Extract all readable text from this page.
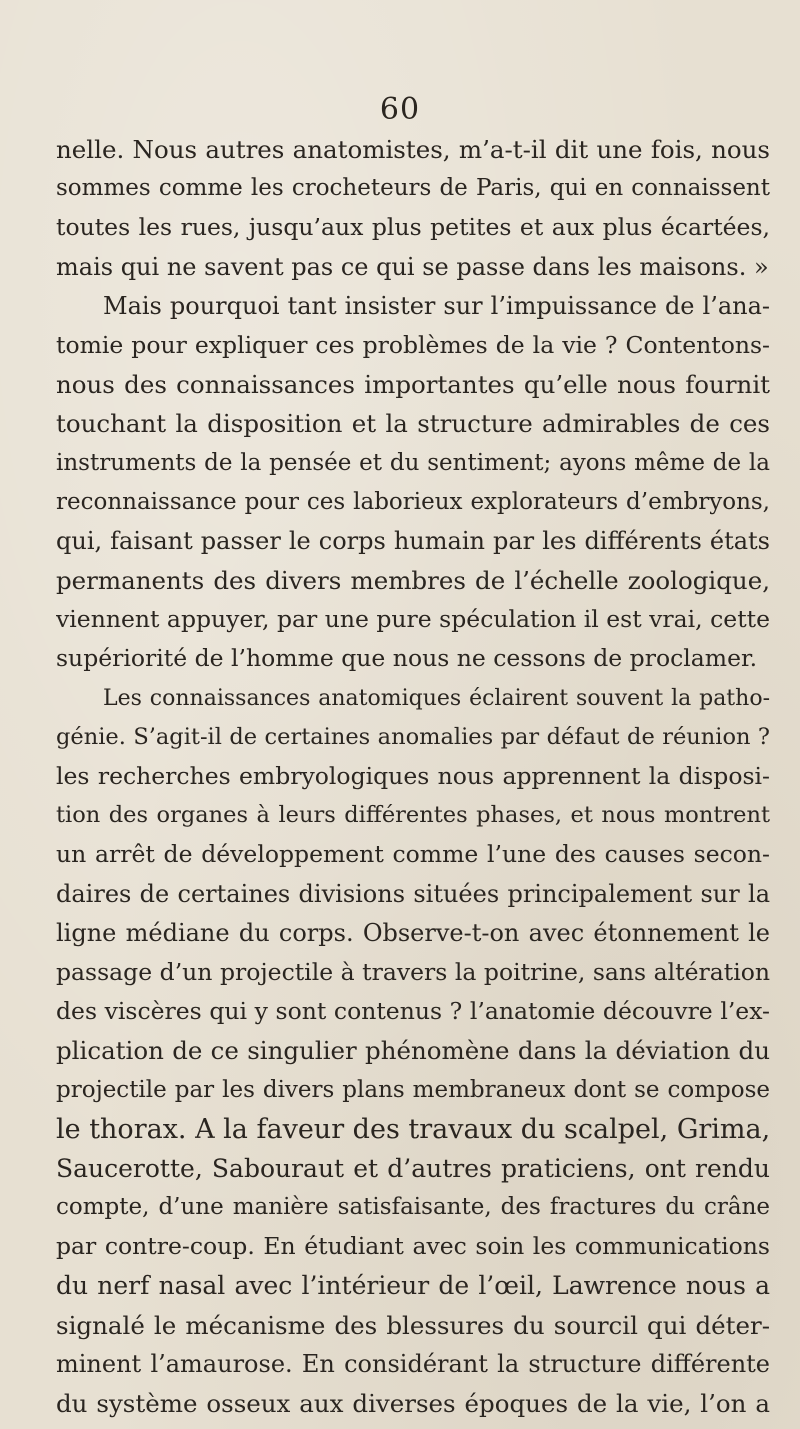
60
nelle. Nous autres anatomistes, m’a-t-il dit une fois, nous
sommes comme les crocheteurs de Paris, qui en connaissent
toutes les rues, jusqu’aux plus petites et aux plus écartées,
mais qui ne savent pas ce qui se passe dans les maisons. »
Mais pourquoi tant insister sur l’impuissance de l’ana-
tomie pour expliquer ces problèmes de la vie ? Contentons-
nous des connaissances importantes qu’elle nous fournit
touchant la disposition et la structure admirables de ces
instruments de la pensée et du sentiment; ayons même de la
reconnaissance pour ces laborieux explorateurs d’embryons,
qui, faisant passer le corps humain par les différents états
permanents des divers membres de l’échelle zoologique,
viennent appuyer, par une pure spéculation il est vrai, cette
supériorité de l’homme que nous ne cessons de proclamer.
Les connaissances anatomiques éclairent souvent la patho-
génie. S’agit-il de certaines anomalies par défaut de réunion ?
les recherches embryologiques nous apprennent la disposi-
tion des organes à leurs différentes phases, et nous montrent
un arrêt de développement comme l’une des causes secon-
daires de certaines divisions situées principalement sur la
ligne médiane du corps. Observe-t-on avec étonnement le
passage d’un projectile à travers la poitrine, sans altération
des viscères qui y sont contenus ? l’anatomie découvre l’ex-
plication de ce singulier phénomène dans la déviation du
projectile par les divers plans membraneux dont se compose
le thorax. A la faveur des travaux du scalpel, Grima,
Saucerotte, Sabouraut et d’autres praticiens, ont rendu
compte, d’une manière satisfaisante, des fractures du crâne
par contre-coup. En étudiant avec soin les communications
du nerf nasal avec l’intérieur de l’œil, Lawrence nous a
signalé le mécanisme des blessures du sourcil qui déter-
minent l’amaurose. En considérant la structure différente
du système osseux aux diverses époques de la vie, l’on a
